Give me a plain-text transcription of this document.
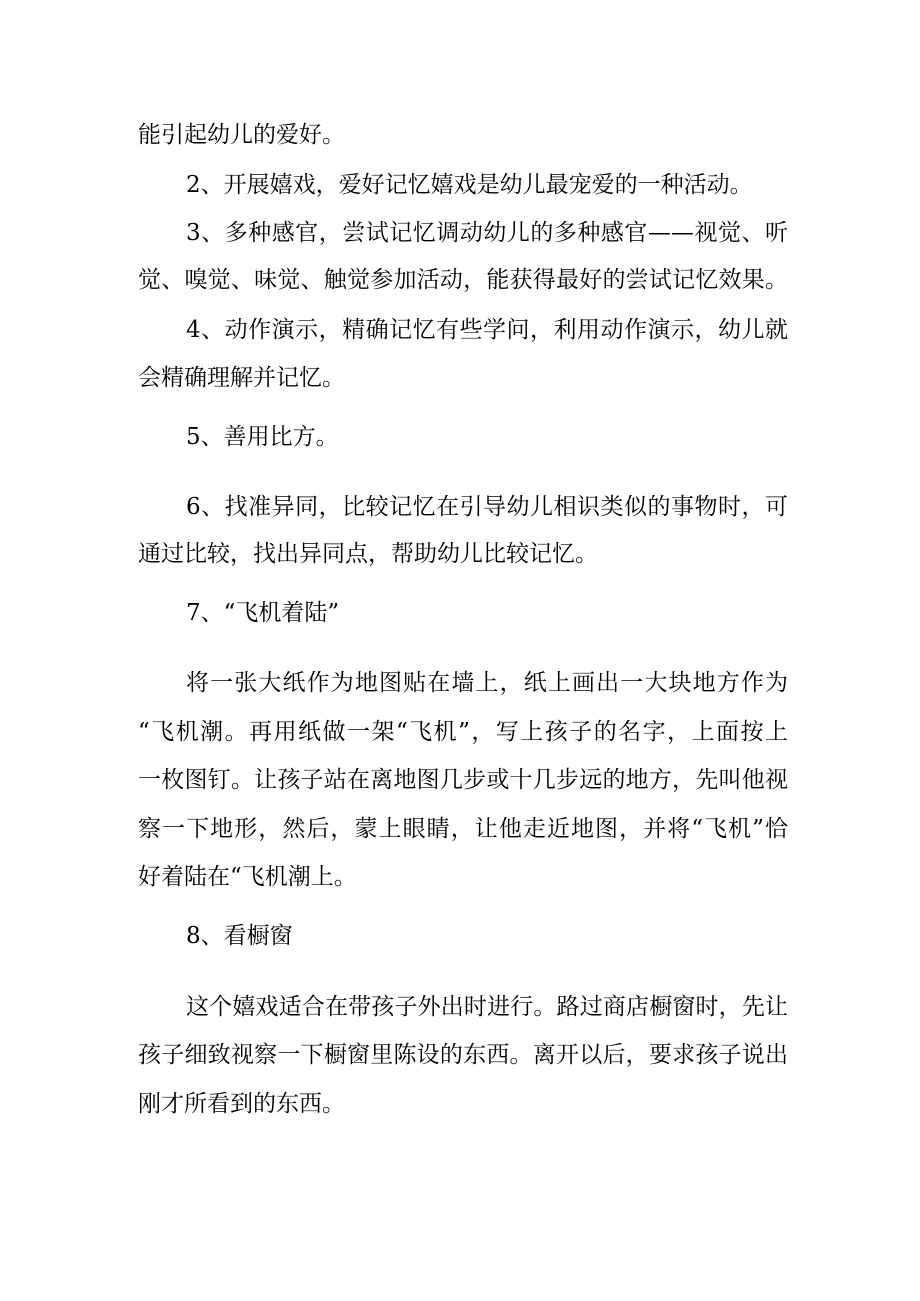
能引起幼儿的爱好。
2、开展嬉戏，爱好记忆嬉戏是幼儿最宠爱的一种活动。
3、多种感官，尝试记忆调动幼儿的多种感官——视觉、听
觉、嗅觉、味觉、触觉参加活动，能获得最好的尝试记忆效果。
4、动作演示，精确记忆有些学问，利用动作演示，幼儿就
会精确理解并记忆。
5、善用比方。
6、找准异同，比较记忆在引导幼儿相识类似的事物时，可
通过比较，找出异同点，帮助幼儿比较记忆。
7、“飞机着陆”
将一张大纸作为地图贴在墙上，纸上画出一大块地方作为
“飞机潮。再用纸做一架“飞机”，写上孩子的名字，上面按上
一枚图钉。让孩子站在离地图几步或十几步远的地方，先叫他视
察一下地形，然后，蒙上眼睛，让他走近地图，并将“飞机”恰
好着陆在“飞机潮上。
8、看橱窗
这个嬉戏适合在带孩子外出时进行。路过商店橱窗时，先让
孩子细致视察一下橱窗里陈设的东西。离开以后，要求孩子说出
刚才所看到的东西。
